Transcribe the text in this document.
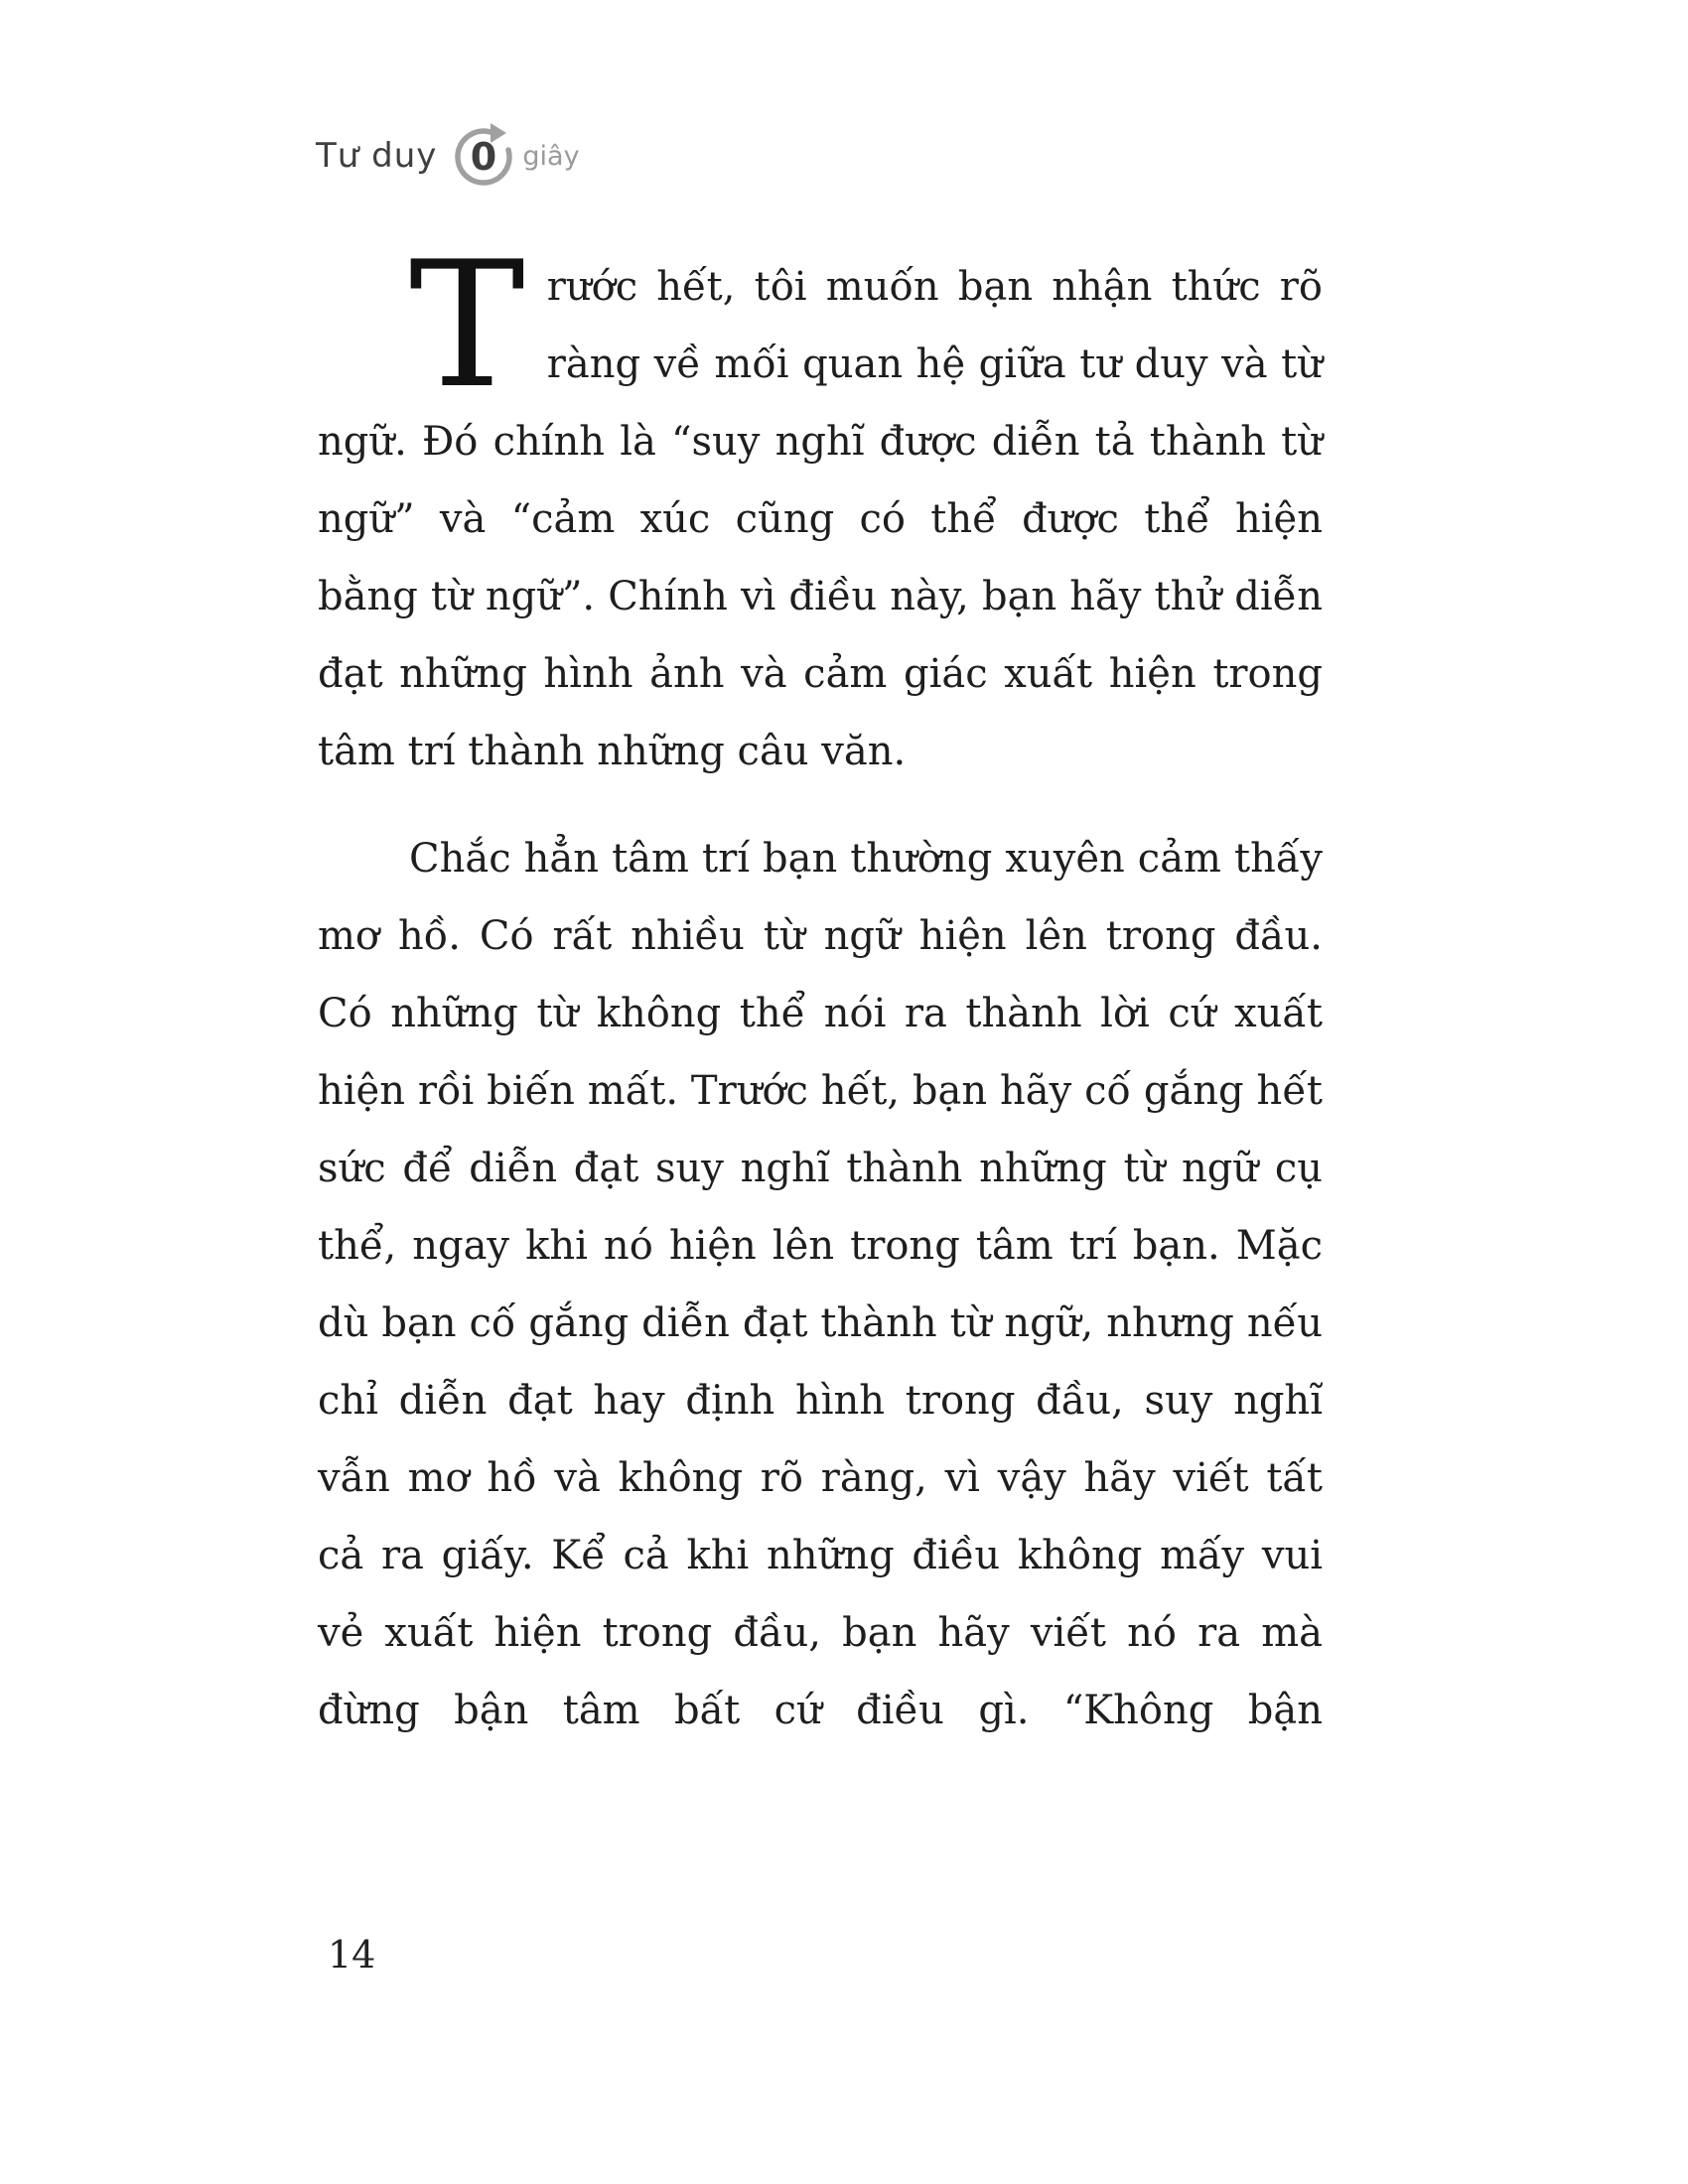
Tư duy 0 giây

Trước hết, tôi muốn bạn nhận thức rõ ràng về mối quan hệ giữa tư duy và từ ngữ. Đó chính là “suy nghĩ được diễn tả thành từ ngữ” và “cảm xúc cũng có thể được thể hiện bằng từ ngữ”. Chính vì điều này, bạn hãy thử diễn đạt những hình ảnh và cảm giác xuất hiện trong tâm trí thành những câu văn.

Chắc hẳn tâm trí bạn thường xuyên cảm thấy mơ hồ. Có rất nhiều từ ngữ hiện lên trong đầu. Có những từ không thể nói ra thành lời cứ xuất hiện rồi biến mất. Trước hết, bạn hãy cố gắng hết sức để diễn đạt suy nghĩ thành những từ ngữ cụ thể, ngay khi nó hiện lên trong tâm trí bạn. Mặc dù bạn cố gắng diễn đạt thành từ ngữ, nhưng nếu chỉ diễn đạt hay định hình trong đầu, suy nghĩ vẫn mơ hồ và không rõ ràng, vì vậy hãy viết tất cả ra giấy. Kể cả khi những điều không mấy vui vẻ xuất hiện trong đầu, bạn hãy viết nó ra mà đừng bận tâm bất cứ điều gì. “Không bận

14
